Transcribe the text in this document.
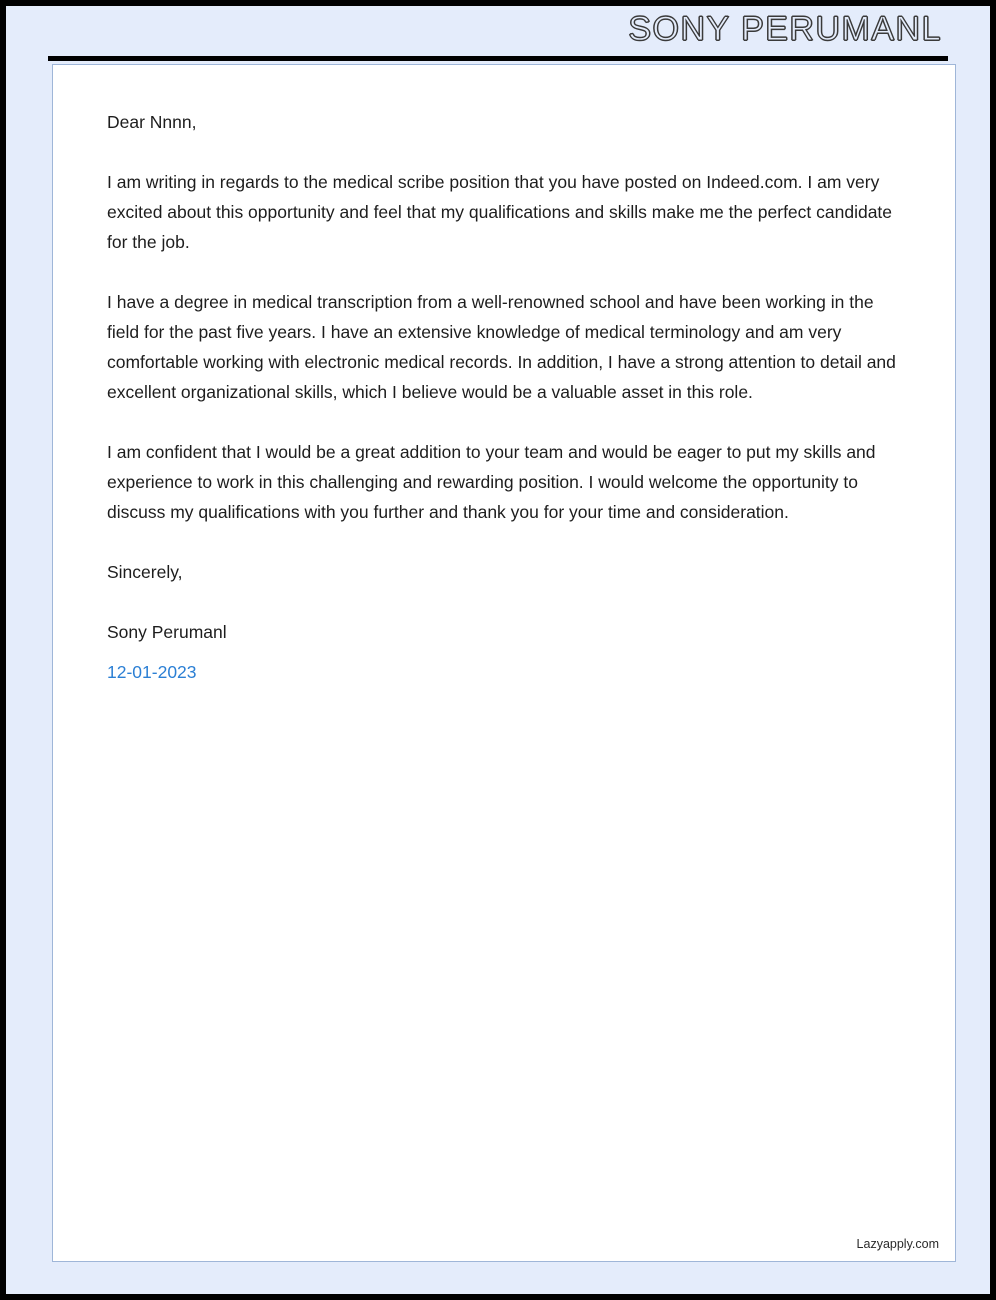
SONY PERUMANL

Dear Nnnn,

I am writing in regards to the medical scribe position that you have posted on Indeed.com. I am very excited about this opportunity and feel that my qualifications and skills make me the perfect candidate for the job.

I have a degree in medical transcription from a well-renowned school and have been working in the field for the past five years. I have an extensive knowledge of medical terminology and am very comfortable working with electronic medical records. In addition, I have a strong attention to detail and excellent organizational skills, which I believe would be a valuable asset in this role.

I am confident that I would be a great addition to your team and would be eager to put my skills and experience to work in this challenging and rewarding position. I would welcome the opportunity to discuss my qualifications with you further and thank you for your time and consideration.

Sincerely,

Sony Perumanl

12-01-2023

Lazyapply.com
